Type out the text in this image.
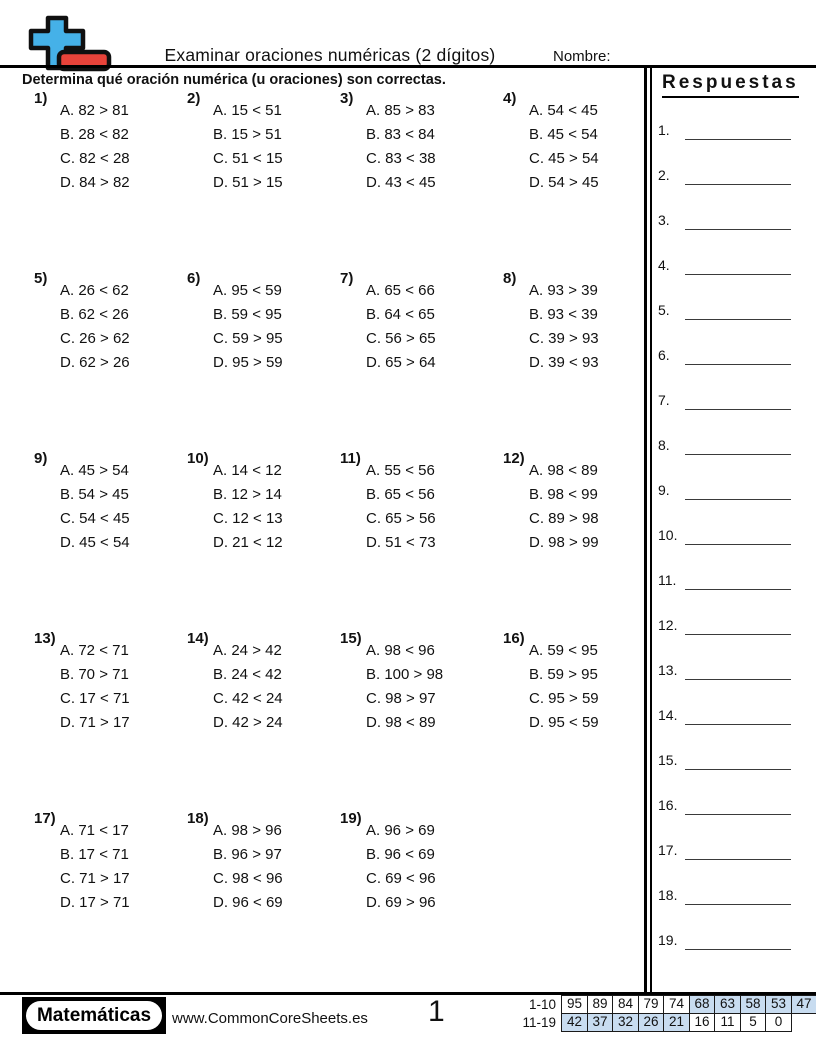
Examinar oraciones numéricas (2 dígitos)	Nombre:
Determina qué oración numérica (u oraciones) son correctas.
1)
A. 82 > 81
B. 28 < 82
C. 82 < 28
D. 84 > 82
2)
A. 15 < 51
B. 15 > 51
C. 51 < 15
D. 51 > 15
3)
A. 85 > 83
B. 83 < 84
C. 83 < 38
D. 43 < 45
4)
A. 54 < 45
B. 45 < 54
C. 45 > 54
D. 54 > 45
5)
A. 26 < 62
B. 62 < 26
C. 26 > 62
D. 62 > 26
6)
A. 95 < 59
B. 59 < 95
C. 59 > 95
D. 95 > 59
7)
A. 65 < 66
B. 64 < 65
C. 56 > 65
D. 65 > 64
8)
A. 93 > 39
B. 93 < 39
C. 39 > 93
D. 39 < 93
9)
A. 45 > 54
B. 54 > 45
C. 54 < 45
D. 45 < 54
10)
A. 14 < 12
B. 12 > 14
C. 12 < 13
D. 21 < 12
11)
A. 55 < 56
B. 65 < 56
C. 65 > 56
D. 51 < 73
12)
A. 98 < 89
B. 98 < 99
C. 89 > 98
D. 98 > 99
13)
A. 72 < 71
B. 70 > 71
C. 17 < 71
D. 71 > 17
14)
A. 24 > 42
B. 24 < 42
C. 42 < 24
D. 42 > 24
15)
A. 98 < 96
B. 100 > 98
C. 98 > 97
D. 98 < 89
16)
A. 59 < 95
B. 59 > 95
C. 95 > 59
D. 95 < 59
17)
A. 71 < 17
B. 17 < 71
C. 71 > 17
D. 17 > 71
18)
A. 98 > 96
B. 96 > 97
C. 98 < 96
D. 96 < 69
19)
A. 96 > 69
B. 96 < 69
C. 69 < 96
D. 69 > 96
Respuestas
1.
2.
3.
4.
5.
6.
7.
8.
9.
10.
11.
12.
13.
14.
15.
16.
17.
18.
19.
Matemáticas	www.CommonCoreSheets.es 1	1-10 95 89 84 79 74 68 63 58 53 47
11-19 42 37 32 26 21 16 11	5	0
